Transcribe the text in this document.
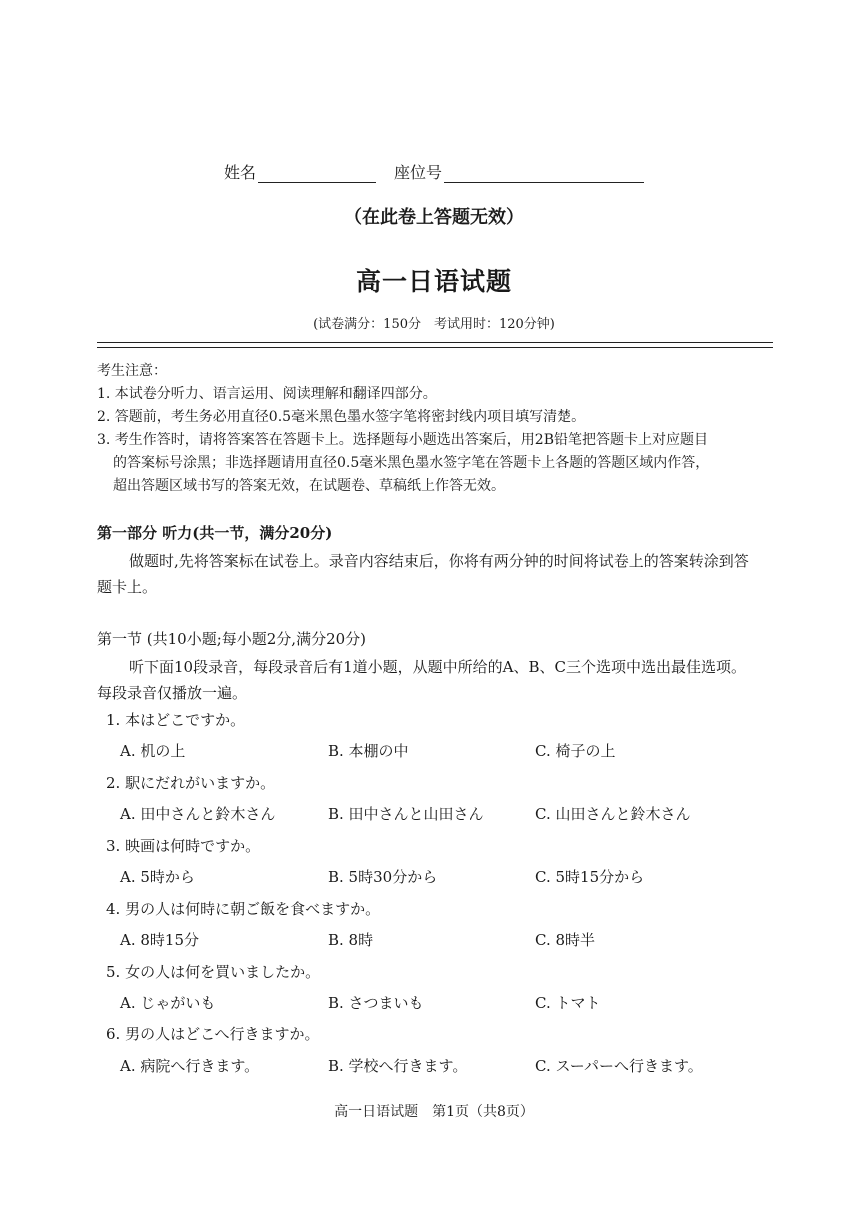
姓名	座位号
（在此卷上答题无效）
高一日语试题
(试卷满分：150分　考试用时：120分钟)
考生注意：
1. 本试卷分听力、语言运用、阅读理解和翻译四部分。
2. 答题前，考生务必用直径0.5毫米黑色墨水签字笔将密封线内项目填写清楚。
3. 考生作答时，请将答案答在答题卡上。选择题每小题选出答案后，用2B铅笔把答题卡上对应题目
的答案标号涂黑；非选择题请用直径0.5毫米黑色墨水签字笔在答题卡上各题的答题区域内作答，
超出答题区域书写的答案无效，在试题卷、草稿纸上作答无效。
第一部分 听力(共一节，满分20分)
做题时,先将答案标在试卷上。录音内容结束后，你将有两分钟的时间将试卷上的答案转涂到答
题卡上。
第一节 (共10小题;每小题2分,满分20分)
听下面10段录音，每段录音后有1道小题，从题中所给的A、B、C三个选项中选出最佳选项。
每段录音仅播放一遍。
1. 本はどこですか。
A. 机の上	B. 本棚の中	C. 椅子の上
2. 駅にだれがいますか。
A. 田中さんと鈴木さん	B. 田中さんと山田さん	C. 山田さんと鈴木さん
3. 映画は何時ですか。
A. 5時から	B. 5時30分から	C. 5時15分から
4. 男の人は何時に朝ご飯を食べますか。
A. 8時15分	B. 8時	C. 8時半
5. 女の人は何を買いましたか。
A. じゃがいも	B. さつまいも	C. トマト
6. 男の人はどこへ行きますか。
A. 病院へ行きます。	B. 学校へ行きます。	C. スーパーへ行きます。
高一日语试题　第1页（共8页）
